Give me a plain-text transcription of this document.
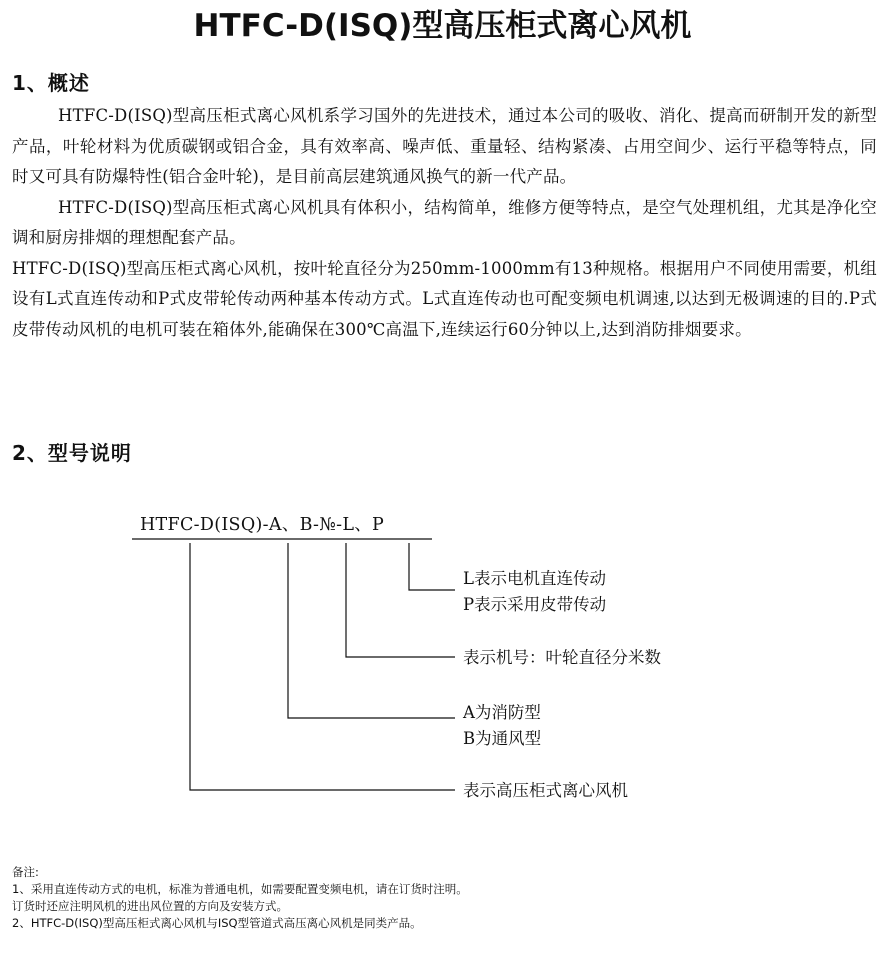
HTFC-D(ISQ)型高压柜式离心风机
1、概述

HTFC-D(ISQ)型高压柜式离心风机系学习国外的先进技术，通过本公司的吸收、消化、提高而研制开发的新型产品，叶轮材料为优质碳钢或铝合金，具有效率高、噪声低、重量轻、结构紧凑、占用空间少、运行平稳等特点，同时又可具有防爆特性(铝合金叶轮)，是目前高层建筑通风换气的新一代产品。

HTFC-D(ISQ)型高压柜式离心风机具有体积小，结构简单，维修方便等特点，是空气处理机组，尤其是净化空调和厨房排烟的理想配套产品。

HTFC-D(ISQ)型高压柜式离心风机，按叶轮直径分为250mm-1000mm有13种规格。根据用户不同使用需要，机组设有L式直连传动和P式皮带轮传动两种基本传动方式。L式直连传动也可配变频电机调速,以达到无极调速的目的.P式皮带传动风机的电机可装在箱体外,能确保在300℃高温下,连续运行60分钟以上,达到消防排烟要求。

2、型号说明
HTFC-D(ISQ)-A、B-№-L、P
L表示电机直连传动
P表示采用皮带传动
表示机号：叶轮直径分米数
A为消防型
B为通风型
表示高压柜式离心风机
备注:
1、采用直连传动方式的电机，标准为普通电机，如需要配置变频电机，请在订货时注明。
订货时还应注明风机的进出风位置的方向及安装方式。
2、HTFC-D(ISQ)型高压柜式离心风机与ISQ型管道式高压离心风机是同类产品。
